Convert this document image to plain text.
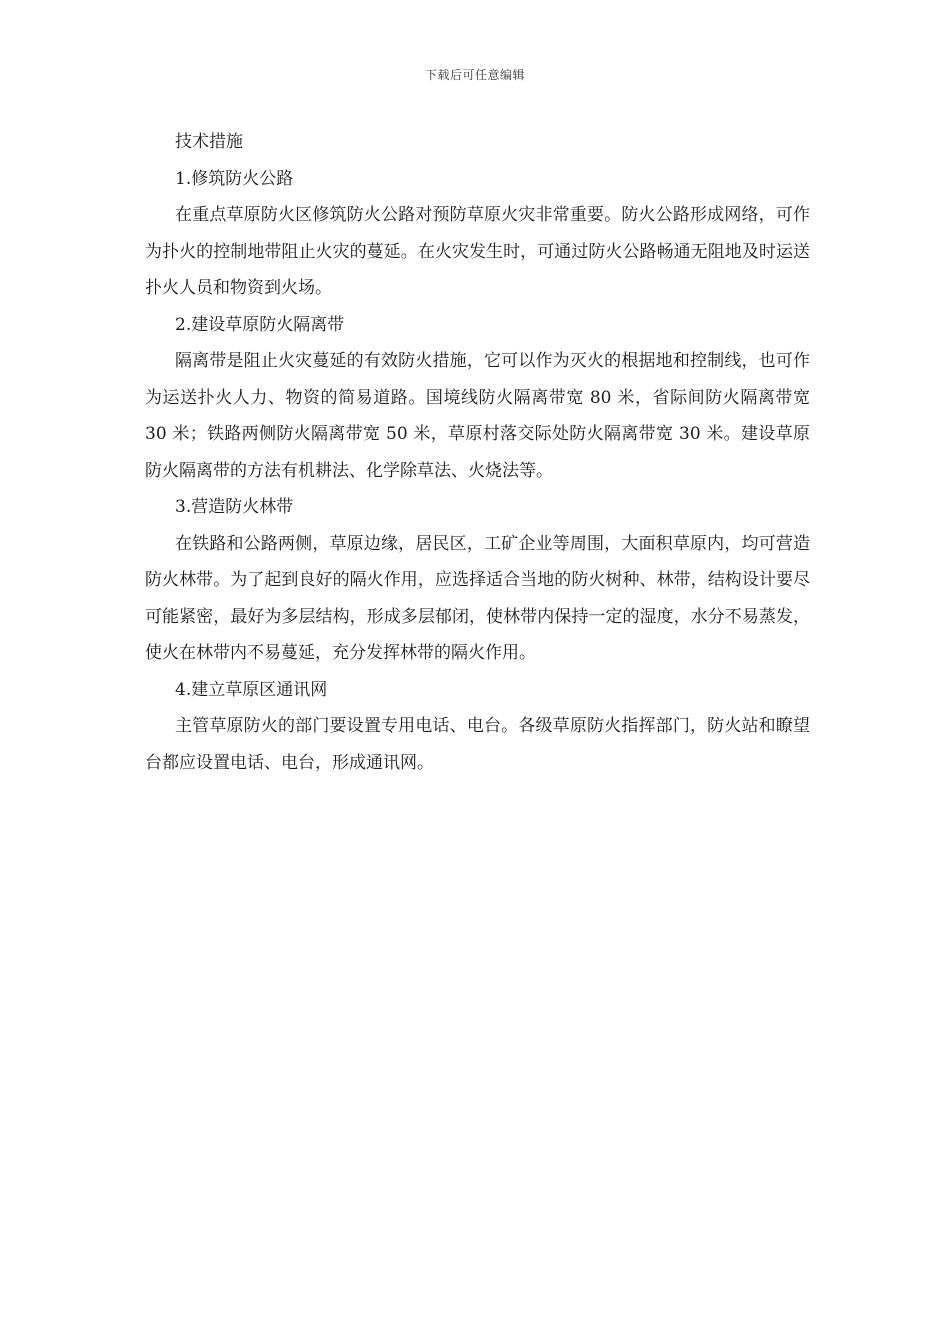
下载后可任意编辑

技术措施

1.修筑防火公路

在重点草原防火区修筑防火公路对预防草原火灾非常重要。防火公路形成网络，可作为扑火的控制地带阻止火灾的蔓延。在火灾发生时，可通过防火公路畅通无阻地及时运送扑火人员和物资到火场。

2.建设草原防火隔离带

隔离带是阻止火灾蔓延的有效防火措施，它可以作为灭火的根据地和控制线，也可作为运送扑火人力、物资的简易道路。国境线防火隔离带宽 80 米，省际间防火隔离带宽 30 米；铁路两侧防火隔离带宽 50 米，草原村落交际处防火隔离带宽 30 米。建设草原防火隔离带的方法有机耕法、化学除草法、火烧法等。

3.营造防火林带

在铁路和公路两侧，草原边缘，居民区，工矿企业等周围，大面积草原内，均可营造防火林带。为了起到良好的隔火作用，应选择适合当地的防火树种、林带，结构设计要尽可能紧密，最好为多层结构，形成多层郁闭，使林带内保持一定的湿度，水分不易蒸发，使火在林带内不易蔓延，充分发挥林带的隔火作用。

4.建立草原区通讯网

主管草原防火的部门要设置专用电话、电台。各级草原防火指挥部门，防火站和瞭望台都应设置电话、电台，形成通讯网。
